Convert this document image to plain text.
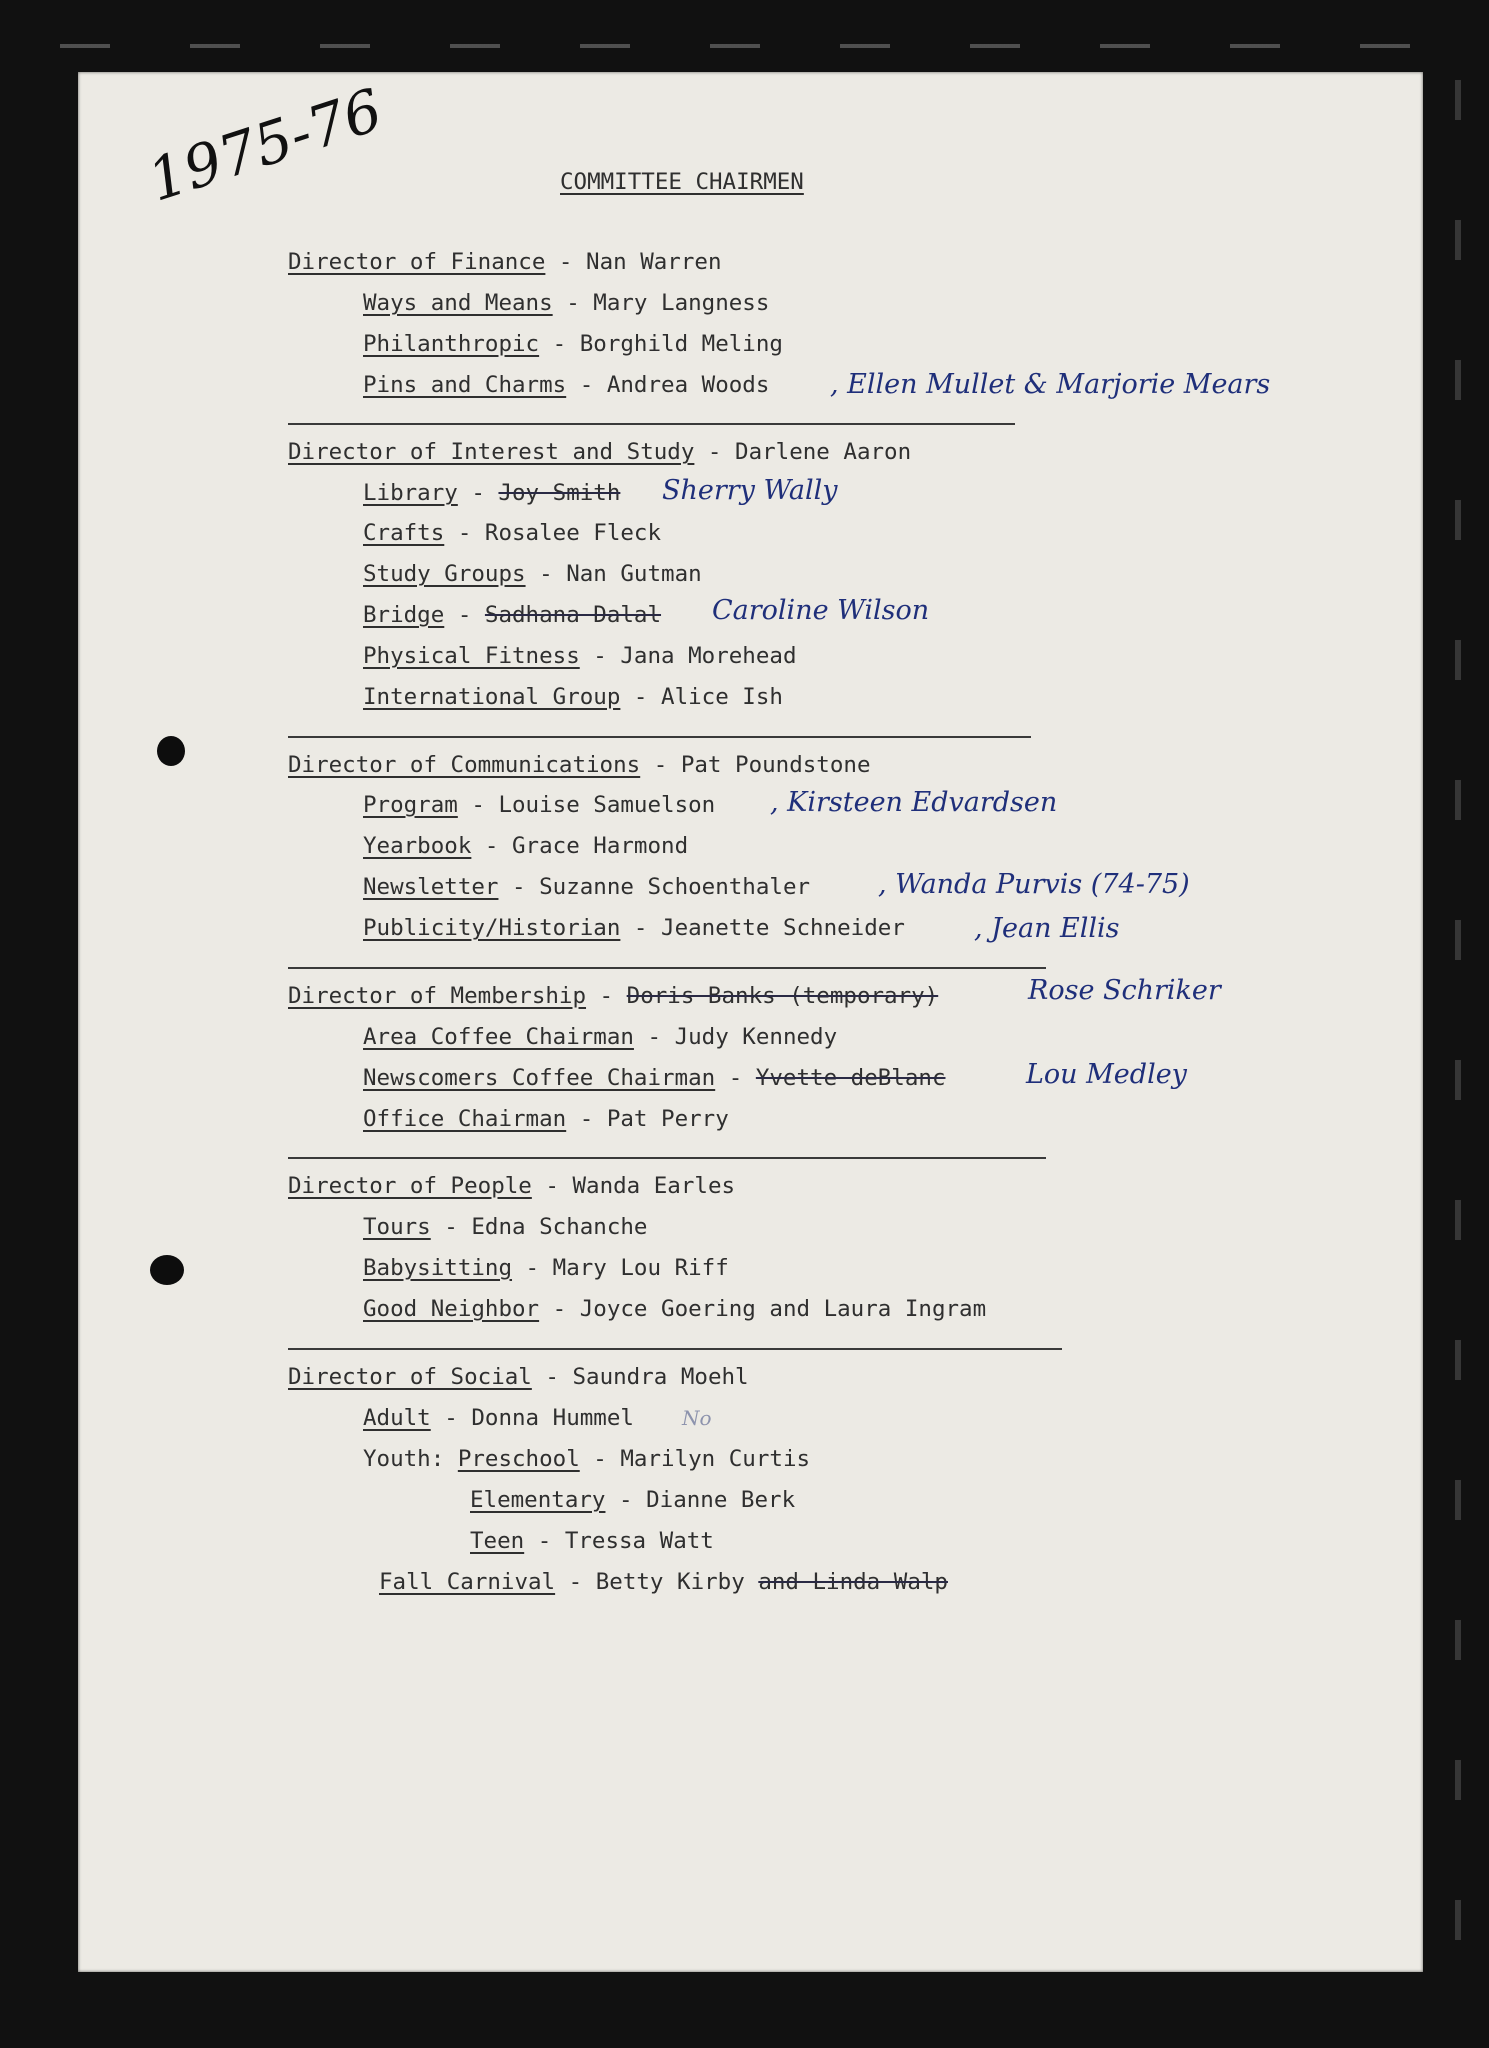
1975-76	COMMITTEE CHAIRMEN
Director of Finance - Nan Warren
Ways and Means - Mary Langness
Philanthropic - Borghild Meling
Pins and Charms - Andrea Woods , Ellen Mullet & Marjorie Mears
Director of Interest and Study - Darlene Aaron
Library - Joy Smith Sherry Wally
Crafts - Rosalee Fleck
Study Groups - Nan Gutman
Bridge - Sadhana Dalal Caroline Wilson
Physical Fitness - Jana Morehead
International Group - Alice Ish
Director of Communications - Pat Poundstone
Program - Louise Samuelson , Kirsteen Edvardsen
Yearbook - Grace Harmond
Newsletter - Suzanne Schoenthaler	, Wanda Purvis (74-75)
Publicity/Historian - Jeanette Schneider	, Jean Ellis
Director of Membership - Doris Banks (temporary)	Rose Schriker
Area Coffee Chairman - Judy Kennedy
Newscomers Coffee Chairman - Yvette deBlanc	Lou Medley
Office Chairman - Pat Perry
Director of People - Wanda Earles
Tours - Edna Schanche
Babysitting - Mary Lou Riff
Good Neighbor - Joyce Goering and Laura Ingram
Director of Social - Saundra Moehl
Adult - Donna Hummel No
Youth: Preschool - Marilyn Curtis
Elementary - Dianne Berk
Teen - Tressa Watt
Fall Carnival - Betty Kirby and Linda Walp
